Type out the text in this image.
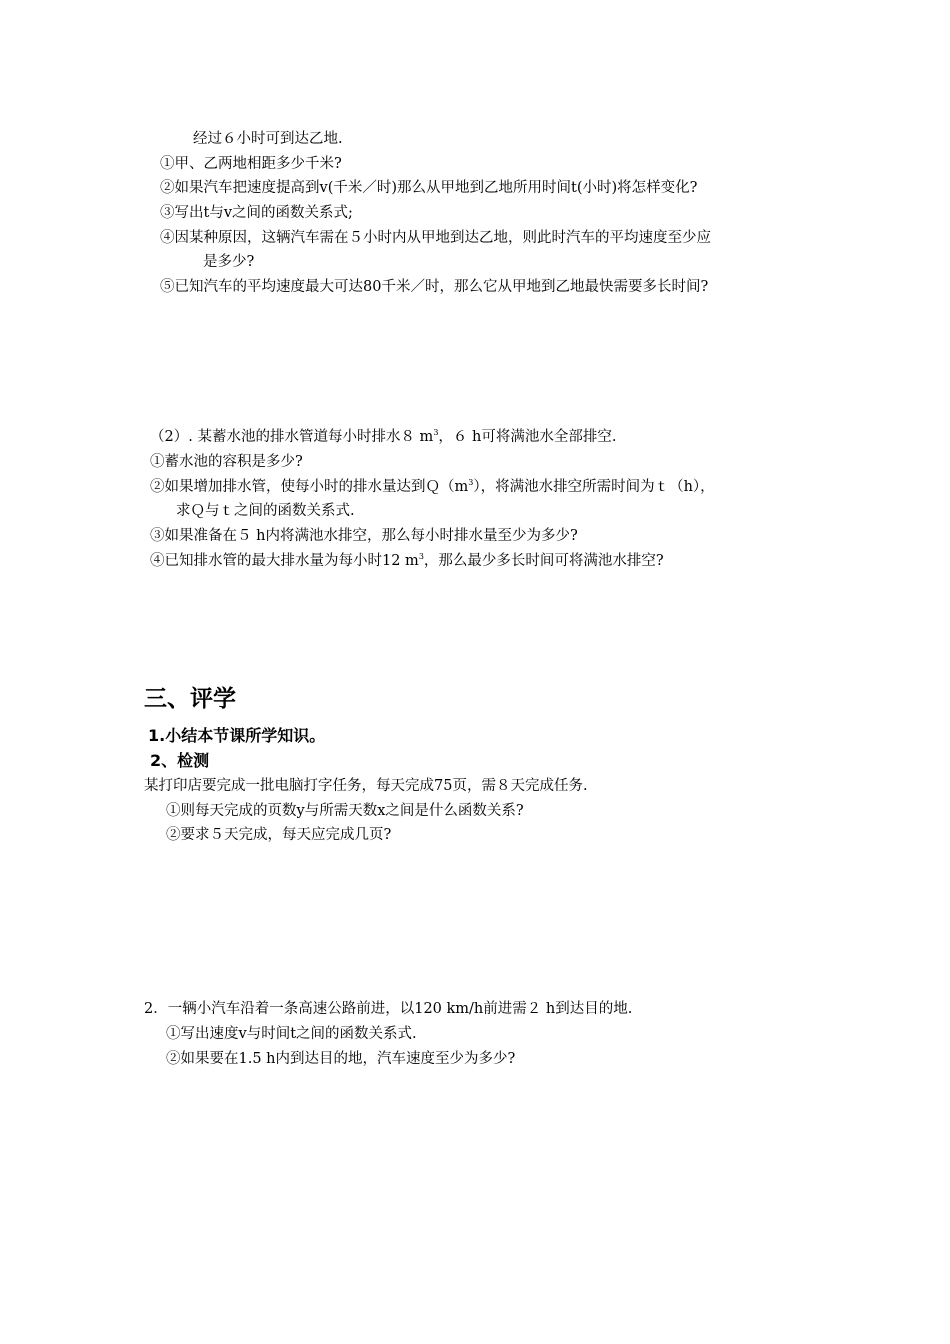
经过６小时可到达乙地.
①甲、乙两地相距多少千米?
②如果汽车把速度提高到v(千米／时)那么从甲地到乙地所用时间t(小时)将怎样变化?
③写出t与v之间的函数关系式;
④因某种原因，这辆汽车需在５小时内从甲地到达乙地，则此时汽车的平均速度至少应
是多少?
⑤已知汽车的平均速度最大可达80千米／时，那么它从甲地到乙地最快需要多长时间?
（2）. 某蓄水池的排水管道每小时排水８ $m^3$，６ h可将满池水全部排空.
①蓄水池的容积是多少?
②如果增加排水管，使每小时的排水量达到$Q(m^3)$，将满池水排空所需时间为ｔ（h），
求Ｑ与ｔ之间的函数关系式.
③如果准备在５ h内将满池水排空，那么每小时排水量至少为多少?
④已知排水管的最大排水量为每小时12 $m^3$，那么最少多长时间可将满池水排空?
三、评学
1.小结本节课所学知识。
2、检测
某打印店要完成一批电脑打字任务，每天完成75页，需８天完成任务.
①则每天完成的页数y与所需天数x之间是什么函数关系?
②要求５天完成，每天应完成几页?
2．一辆小汽车沿着一条高速公路前进，以120 km/h前进需２ h到达目的地.
①写出速度v与时间t之间的函数关系式.
②如果要在1.5 h内到达目的地，汽车速度至少为多少?
